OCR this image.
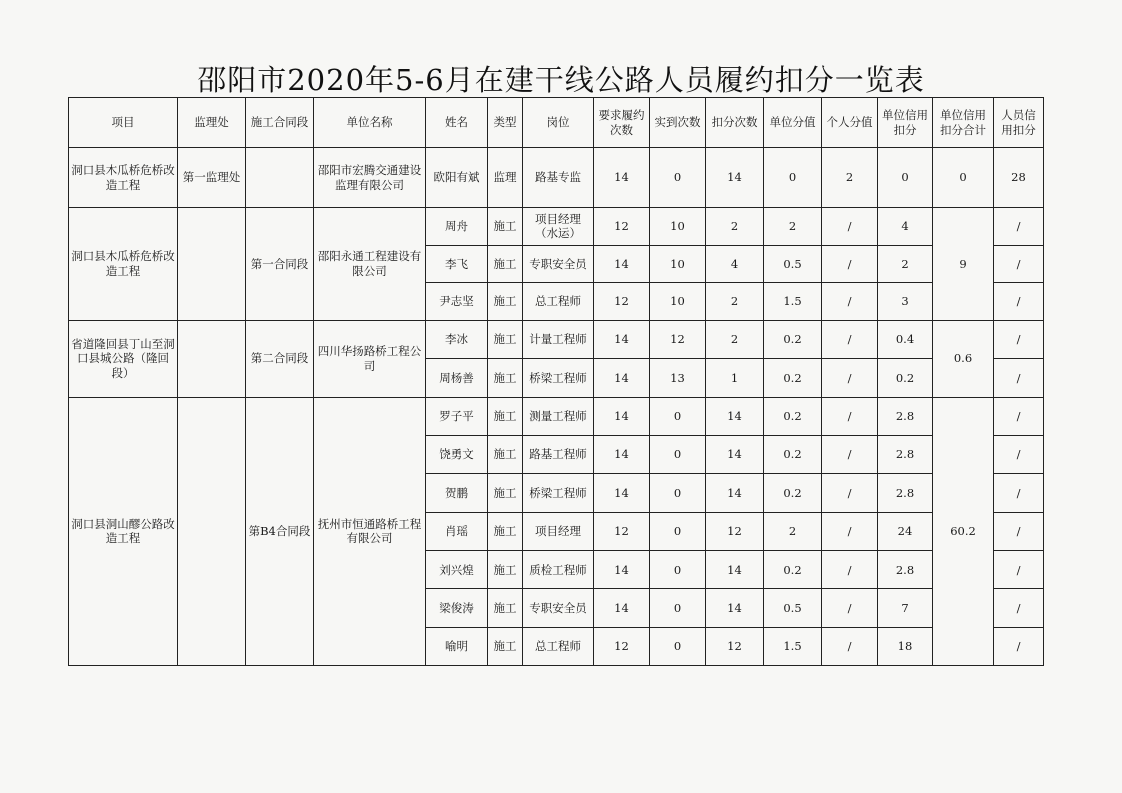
邵阳市2020年5-6月在建干线公路人员履约扣分一览表
项目	监理处	施工合同段	单位名称	姓名	类型	岗位	要求履约次数	实到次数	扣分次数	单位分值	个人分值	单位信用扣分	单位信用扣分合计	人员信用扣分
洞口县木瓜桥危桥改造工程	第一监理处		邵阳市宏腾交通建设监理有限公司	欧阳有斌	监理	路基专监	14	0	14	0	2	0	0	28
洞口县木瓜桥危桥改造工程		第一合同段	邵阳永通工程建设有限公司	周舟	施工	项目经理（水运）	12	10	2	2	/	4	9	/
				李飞	施工	专职安全员	14	10	4	0.5	/	2		/
				尹志坚	施工	总工程师	12	10	2	1.5	/	3		/
省道隆回县丁山至洞口县城公路（隆回段）		第二合同段	四川华扬路桥工程公司	李冰	施工	计量工程师	14	12	2	0.2	/	0.4	0.6	/
				周杨善	施工	桥梁工程师	14	13	1	0.2	/	0.2		/
洞口县洞山醪公路改造工程		第B4合同段	抚州市恒通路桥工程有限公司	罗子平	施工	测量工程师	14	0	14	0.2	/	2.8	60.2	/
				饶勇文	施工	路基工程师	14	0	14	0.2	/	2.8		/
				贺鹏	施工	桥梁工程师	14	0	14	0.2	/	2.8		/
				肖瑶	施工	项目经理	12	0	12	2	/	24		/
				刘兴煌	施工	质检工程师	14	0	14	0.2	/	2.8		/
				梁俊涛	施工	专职安全员	14	0	14	0.5	/	7		/
				喻明	施工	总工程师	12	0	12	1.5	/	18		/
